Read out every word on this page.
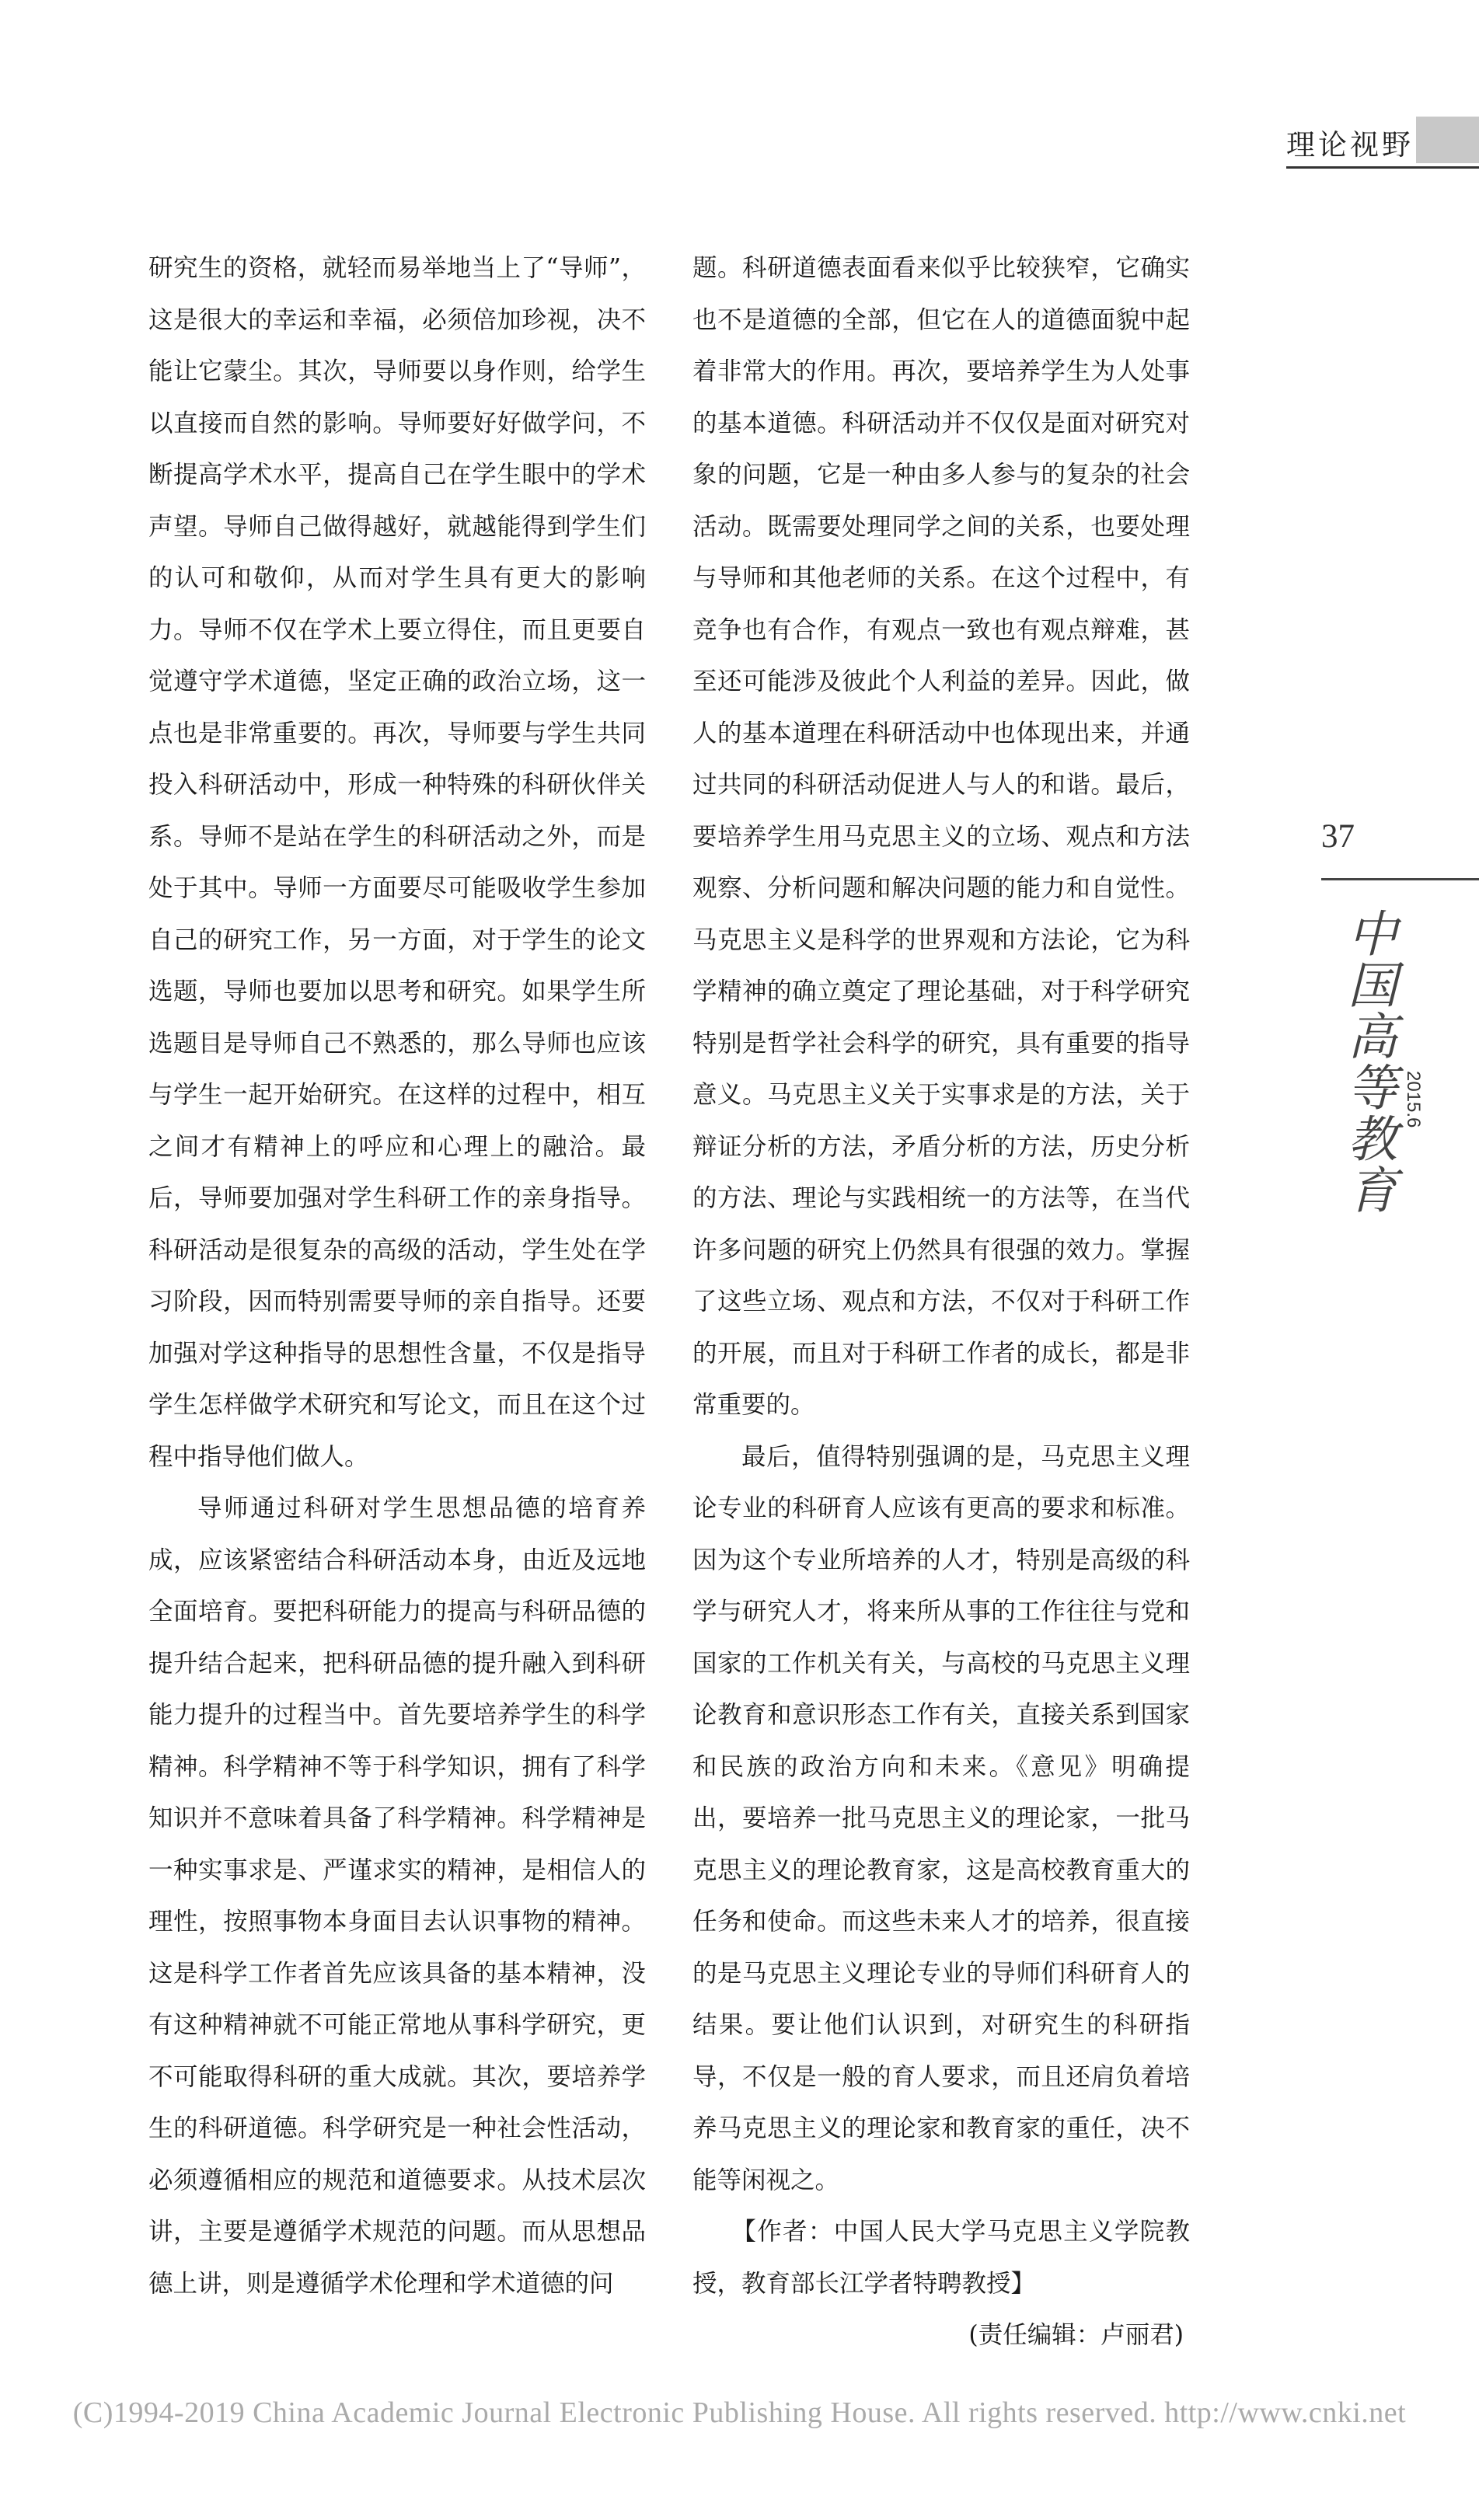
理论视野

研究生的资格，就轻而易举地当上了“导师”，这是很大的幸运和幸福，必须倍加珍视，决不能让它蒙尘。其次，导师要以身作则，给学生以直接而自然的影响。导师要好好做学问，不断提高学术水平，提高自己在学生眼中的学术声望。导师自己做得越好，就越能得到学生们的认可和敬仰，从而对学生具有更大的影响力。导师不仅在学术上要立得住，而且更要自觉遵守学术道德，坚定正确的政治立场，这一点也是非常重要的。再次，导师要与学生共同投入科研活动中，形成一种特殊的科研伙伴关系。导师不是站在学生的科研活动之外，而是处于其中。导师一方面要尽可能吸收学生参加自己的研究工作，另一方面，对于学生的论文选题，导师也要加以思考和研究。如果学生所选题目是导师自己不熟悉的，那么导师也应该与学生一起开始研究。在这样的过程中，相互之间才有精神上的呼应和心理上的融洽。最后，导师要加强对学生科研工作的亲身指导。科研活动是很复杂的高级的活动，学生处在学习阶段，因而特别需要导师的亲自指导。还要加强对学这种指导的思想性含量，不仅是指导学生怎样做学术研究和写论文，而且在这个过程中指导他们做人。

导师通过科研对学生思想品德的培育养成，应该紧密结合科研活动本身，由近及远地全面培育。要把科研能力的提高与科研品德的提升结合起来，把科研品德的提升融入到科研能力提升的过程当中。首先要培养学生的科学精神。科学精神不等于科学知识，拥有了科学知识并不意味着具备了科学精神。科学精神是一种实事求是、严谨求实的精神，是相信人的理性，按照事物本身面目去认识事物的精神。这是科学工作者首先应该具备的基本精神，没有这种精神就不可能正常地从事科学研究，更不可能取得科研的重大成就。其次，要培养学生的科研道德。科学研究是一种社会性活动，必须遵循相应的规范和道德要求。从技术层次讲，主要是遵循学术规范的问题。而从思想品德上讲，则是遵循学术伦理和学术道德的问

题。科研道德表面看来似乎比较狭窄，它确实也不是道德的全部，但它在人的道德面貌中起着非常大的作用。再次，要培养学生为人处事的基本道德。科研活动并不仅仅是面对研究对象的问题，它是一种由多人参与的复杂的社会活动。既需要处理同学之间的关系，也要处理与导师和其他老师的关系。在这个过程中，有竞争也有合作，有观点一致也有观点辩难，甚至还可能涉及彼此个人利益的差异。因此，做人的基本道理在科研活动中也体现出来，并通过共同的科研活动促进人与人的和谐。最后，要培养学生用马克思主义的立场、观点和方法观察、分析问题和解决问题的能力和自觉性。马克思主义是科学的世界观和方法论，它为科学精神的确立奠定了理论基础，对于科学研究特别是哲学社会科学的研究，具有重要的指导意义。马克思主义关于实事求是的方法，关于辩证分析的方法，矛盾分析的方法，历史分析的方法、理论与实践相统一的方法等，在当代许多问题的研究上仍然具有很强的效力。掌握了这些立场、观点和方法，不仅对于科研工作的开展，而且对于科研工作者的成长，都是非常重要的。

最后，值得特别强调的是，马克思主义理论专业的科研育人应该有更高的要求和标准。因为这个专业所培养的人才，特别是高级的科学与研究人才，将来所从事的工作往往与党和国家的工作机关有关，与高校的马克思主义理论教育和意识形态工作有关，直接关系到国家和民族的政治方向和未来。《意见》明确提出，要培养一批马克思主义的理论家，一批马克思主义的理论教育家，这是高校教育重大的任务和使命。而这些未来人才的培养，很直接的是马克思主义理论专业的导师们科研育人的结果。要让他们认识到，对研究生的科研指导，不仅是一般的育人要求，而且还肩负着培养马克思主义的理论家和教育家的重任，决不能等闲视之。

【作者：中国人民大学马克思主义学院教授，教育部长江学者特聘教授】

(责任编辑：卢丽君)

37
中国高等教育 2015.6
(C)1994-2019 China Academic Journal Electronic Publishing House. All rights reserved. http://www.cnki.net
